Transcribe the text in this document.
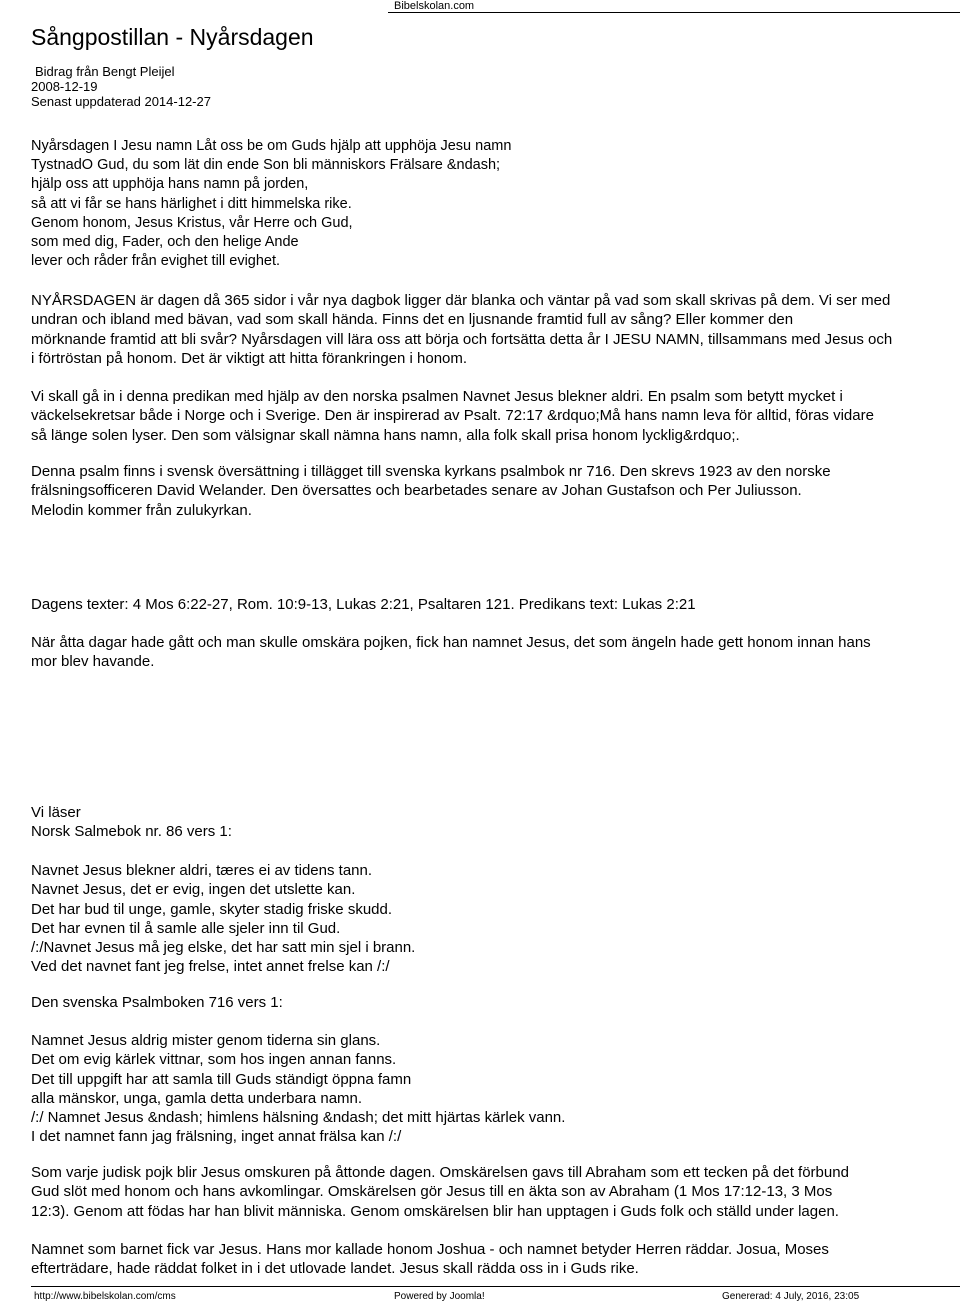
Bibelskolan.com
Sångpostillan - Nyårsdagen
Bidrag från Bengt Pleijel
2008-12-19
Senast uppdaterad 2014-12-27

Nyårsdagen I Jesu namn Låt oss be om Guds hjälp att upphöja Jesu namn

TystnadO Gud, du som lät din ende Son bli människors Frälsare &ndash;

hjälp oss att upphöja hans namn på jorden,

så att vi får se hans härlighet i ditt himmelska rike.

Genom honom, Jesus Kristus, vår Herre och Gud,

som med dig, Fader, och den helige Ande

lever och råder från evighet till evighet.

NYÅRSDAGEN är dagen då 365 sidor i vår nya dagbok ligger där blanka och väntar på vad som skall skrivas på dem. Vi ser med

undran och ibland med bävan, vad som skall hända. Finns det en ljusnande framtid full av sång? Eller kommer den

mörknande framtid att bli svår? Nyårsdagen vill lära oss att börja och fortsätta detta år I JESU NAMN, tillsammans med Jesus och

i förtröstan på honom. Det är viktigt att hitta förankringen i honom.

Vi skall gå in i denna predikan med hjälp av den norska psalmen Navnet Jesus blekner aldri. En psalm som betytt mycket i

väckelsekretsar både i Norge och i Sverige. Den är inspirerad av Psalt. 72:17 &rdquo;Må hans namn leva för alltid, föras vidare

så länge solen lyser. Den som välsignar skall nämna hans namn, alla folk skall prisa honom lycklig&rdquo;.

Denna psalm finns i svensk översättning i tillägget till svenska kyrkans psalmbok nr 716. Den skrevs 1923 av den norske

frälsningsofficeren David Welander. Den översattes och bearbetades senare av Johan Gustafson och Per Juliusson.

Melodin kommer från zulukyrkan.

Dagens texter: 4 Mos 6:22-27, Rom. 10:9-13, Lukas 2:21, Psaltaren 121. Predikans text: Lukas 2:21

När åtta dagar hade gått och man skulle omskära pojken, fick han namnet Jesus, det som ängeln hade gett honom innan hans

mor blev havande.

Vi läser

Norsk Salmebok nr. 86 vers 1:

Navnet Jesus blekner aldri, tæres ei av tidens tann.

Navnet Jesus, det er evig, ingen det utslette kan.

Det har bud til unge, gamle, skyter stadig friske skudd.

Det har evnen til å samle alle sjeler inn til Gud.

/:/Navnet Jesus må jeg elske, det har satt min sjel i brann.

Ved det navnet fant jeg frelse, intet annet frelse kan /:/

Den svenska Psalmboken 716 vers 1:

Namnet Jesus aldrig mister genom tiderna sin glans.

Det om evig kärlek vittnar, som hos ingen annan fanns.

Det till uppgift har att samla till Guds ständigt öppna famn

alla mänskor, unga, gamla detta underbara namn.

/:/ Namnet Jesus &ndash; himlens hälsning &ndash; det mitt hjärtas kärlek vann.

I det namnet fann jag frälsning, inget annat frälsa kan /:/

Som varje judisk pojk blir Jesus omskuren på åttonde dagen. Omskärelsen gavs till Abraham som ett tecken på det förbund

Gud slöt med honom och hans avkomlingar. Omskärelsen gör Jesus till en äkta son av Abraham (1 Mos 17:12-13, 3 Mos

12:3). Genom att födas har han blivit människa. Genom omskärelsen blir han upptagen i Guds folk och ställd under lagen.

Namnet som barnet fick var Jesus. Hans mor kallade honom Joshua - och namnet betyder Herren räddar. Josua, Moses

efterträdare, hade räddat folket in i det utlovade landet. Jesus skall rädda oss in i Guds rike.

http://www.bibelskolan.com/cms	Powered by Joomla!	Genererad: 4 July, 2016, 23:05
